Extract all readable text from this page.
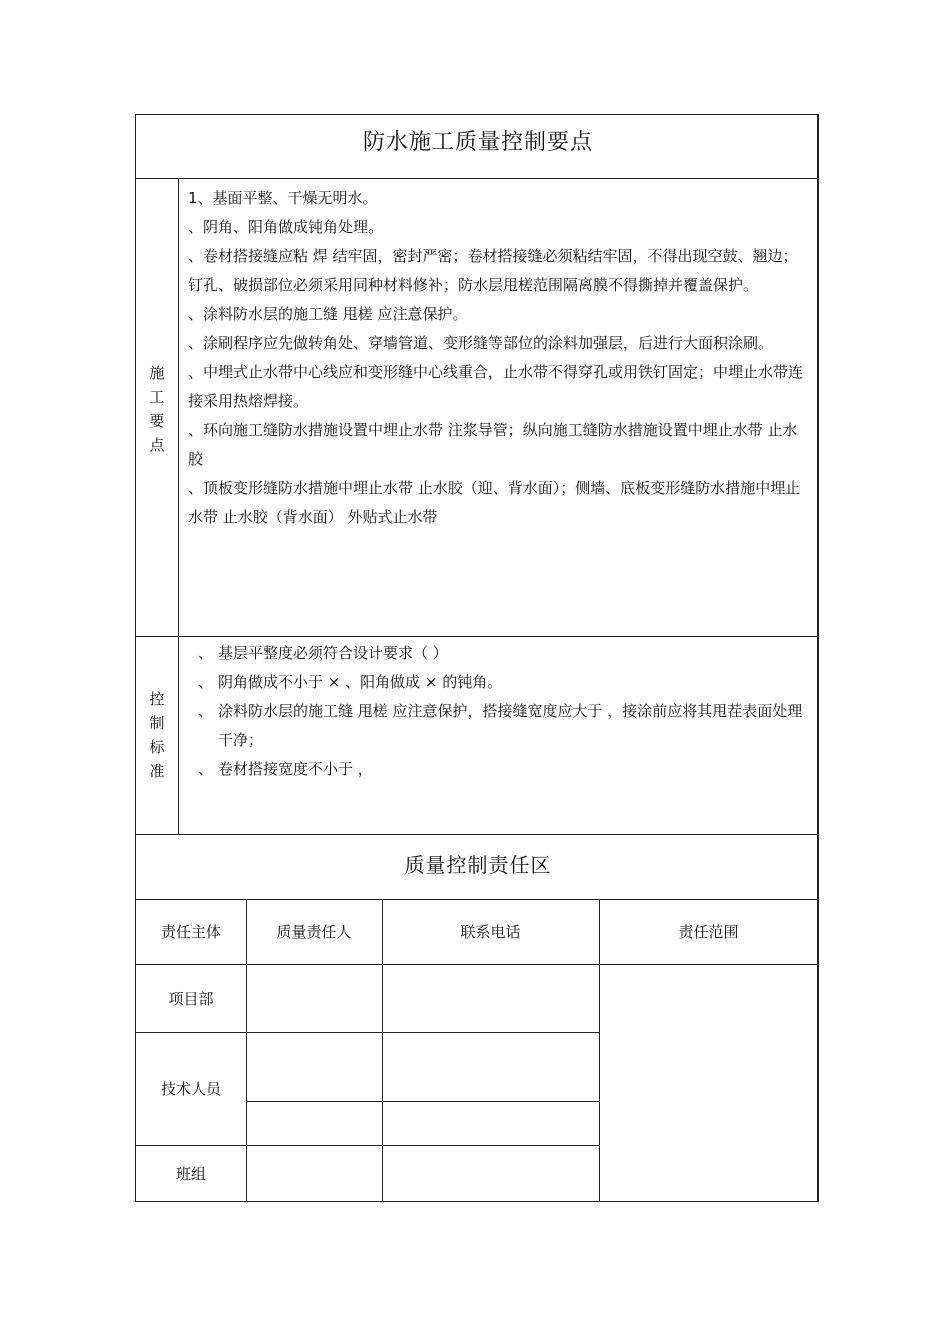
防水施工质量控制要点
施
工
要
点

1、基面平整、干燥无明水。

、阴角、阳角做成钝角处理。

、卷材搭接缝应粘 焊 结牢固，密封严密；卷材搭接缝必须粘结牢固，不得出现空鼓、翘边；钉孔、破损部位必须采用同种材料修补；防水层甩槎范围隔离膜不得撕掉并覆盖保护。

、涂料防水层的施工缝 甩槎 应注意保护。

、涂刷程序应先做转角处、穿墙管道、变形缝等部位的涂料加强层，后进行大面积涂刷。

、中埋式止水带中心线应和变形缝中心线重合，止水带不得穿孔或用铁钉固定；中埋止水带连接采用热熔焊接。

、环向施工缝防水措施设置中埋止水带 注浆导管；纵向施工缝防水措施设置中埋止水带 止水胶

、顶板变形缝防水措施中埋止水带 止水胶（迎、背水面）；侧墙、底板变形缝防水措施中埋止水带 止水胶（背水面） 外贴式止水带

控
制
标
准

、 基层平整度必须符合设计要求（ ）

、 阴角做成不小于 × 、阳角做成 × 的钝角。

、 涂料防水层的施工缝 甩槎 应注意保护，搭接缝宽度应大于 ，接涂前应将其甩茬表面处理干净；

、 卷材搭接宽度不小于 ，

质量控制责任区
责任主体	质量责任人	联系电话	责任范围
项目部
技术人员
班组
